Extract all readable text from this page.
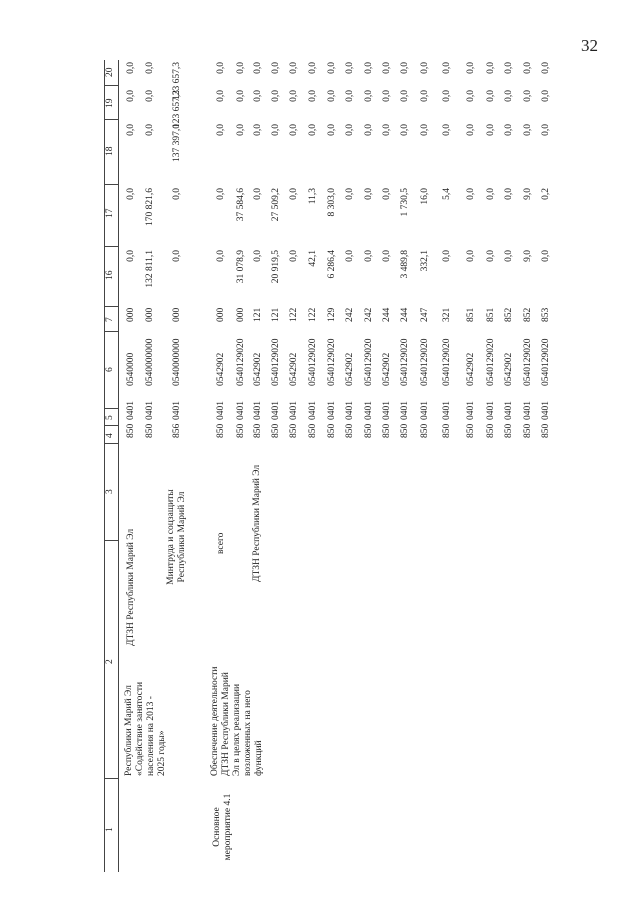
32
1
2
3
4
5
6
7
16
17
18
19
20
Республики Марий Эл «Содействие занятости населения на 2013 - 2025 годы»
ДТЗН Республики Марий Эл	Минтруда и соцзащиты Республики Марий Эл
Основное мероприятие 4.1
Обеспечение деятельности ДТЗН Республики Марий Эл в целях реализации возложенных на него функций
всего	ДТЗН Республики Марий Эл
850
0401
0540000
000
0,0
0,0
0,0
0,0
0,0
850
0401
0540000000
000
132 811,1
170 821,6
0,0
0,0
0,0
856
0401
0540000000
000
0,0
0,0
137 397,0
123 657,3
123 657,3
850
0401
0542902
000
0,0
0,0
0,0
0,0
0,0
850
0401
0540129020
000
31 078,9
37 584,6
0,0
0,0
0,0
850
0401
0542902
121
0,0
0,0
0,0
0,0
0,0
850
0401
0540129020
121
20 919,5
27 509,2
0,0
0,0
0,0
850
0401
0542902
122
0,0
0,0
0,0
0,0
0,0
850
0401
0540129020
122
42,1
11,3
0,0
0,0
0,0
850
0401
0540129020
129
6 286,4
8 303,0
0,0
0,0
0,0
850
0401
0542902
242
0,0
0,0
0,0
0,0
0,0
850
0401
0540129020
242
0,0
0,0
0,0
0,0
0,0
850
0401
0542902
244
0,0
0,0
0,0
0,0
0,0
850
0401
0540129020
244
3 489,8
1 730,5
0,0
0,0
0,0
850
0401
0540129020
247
332,1
16,0
0,0
0,0
0,0
850
0401
0540129020
321
0,0
5,4
0,0
0,0
0,0
850
0401
0542902
851
0,0
0,0
0,0
0,0
0,0
850
0401
0540129020
851
0,0
0,0
0,0
0,0
0,0
850
0401
0542902
852
0,0
0,0
0,0
0,0
0,0
850
0401
0540129020
852
9,0
9,0
0,0
0,0
0,0
850
0401
0540129020
853
0,0
0,2
0,0
0,0
0,0
